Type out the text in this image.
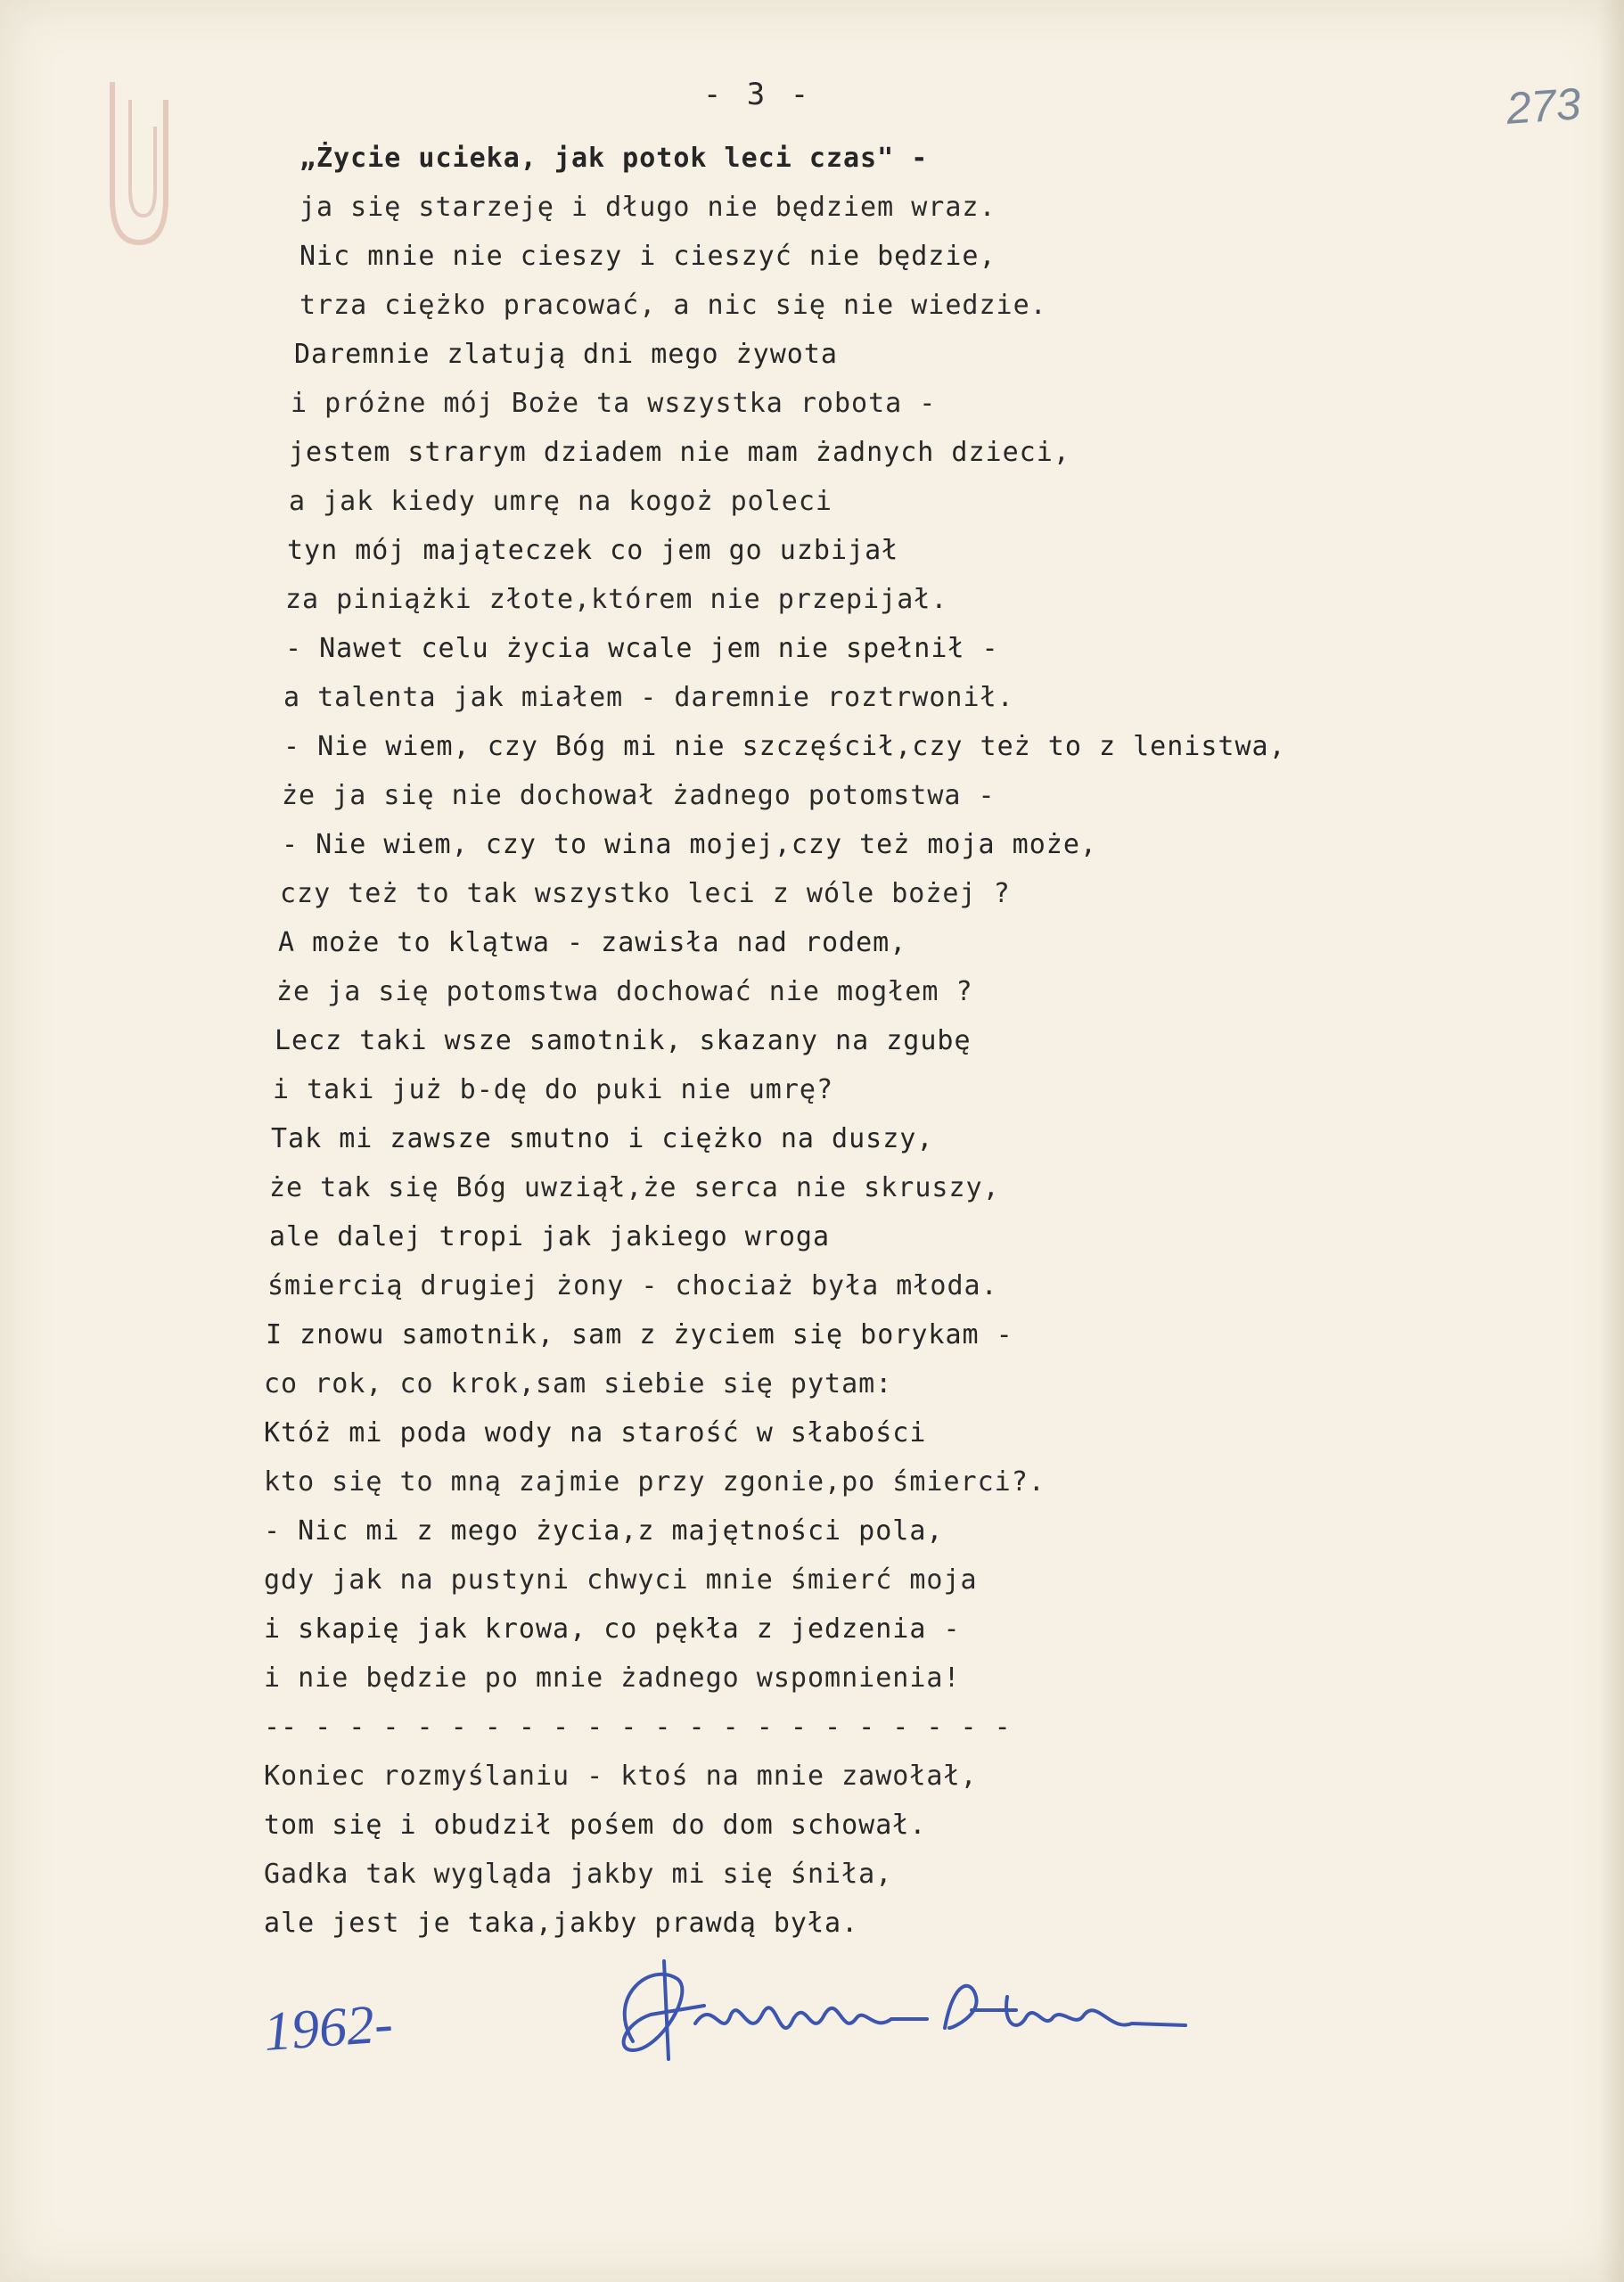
- 3 -	273
„Życie ucieka, jak potok leci czas" -
ja się starzeję i długo nie będziem wraz.
Nic mnie nie cieszy i cieszyć nie będzie,
trza ciężko pracować, a nic się nie wiedzie.
Daremnie zlatują dni mego żywota
i próżne mój Boże ta wszystka robota -
jestem strarym dziadem nie mam żadnych dzieci,
a jak kiedy umrę na kogoż poleci
tyn mój mająteczek co jem go uzbijał
za piniążki złote,którem nie przepijał.
- Nawet celu życia wcale jem nie spełnił -
a talenta jak miałem - daremnie roztrwonił.
- Nie wiem, czy Bóg mi nie szczęścił,czy też to z lenistwa,
że ja się nie dochował żadnego potomstwa -
- Nie wiem, czy to wina mojej,czy też moja może,
czy też to tak wszystko leci z wóle bożej ?
A może to klątwa - zawisła nad rodem,
że ja się potomstwa dochować nie mogłem ?
Lecz taki wsze samotnik, skazany na zgubę
i taki już b-dę do puki nie umrę?
Tak mi zawsze smutno i ciężko na duszy,
że tak się Bóg uwziął,że serca nie skruszy,
ale dalej tropi jak jakiego wroga
śmiercią drugiej żony - chociaż była młoda.
I znowu samotnik, sam z życiem się borykam -
co rok, co krok,sam siebie się pytam:
Któż mi poda wody na starość w słabości
kto się to mną zajmie przy zgonie,po śmierci?.
- Nic mi z mego życia,z majętności pola,
gdy jak na pustyni chwyci mnie śmierć moja
i skapię jak krowa, co pękła z jedzenia -
i nie będzie po mnie żadnego wspomnienia!
-- - - - - - - - - - - - - - - - - - - - - -
Koniec rozmyślaniu - ktoś na mnie zawołał,
tom się i obudził pośem do dom schował.
Gadka tak wygląda jakby mi się śniła,
ale jest je taka,jakby prawdą była.
1962-
